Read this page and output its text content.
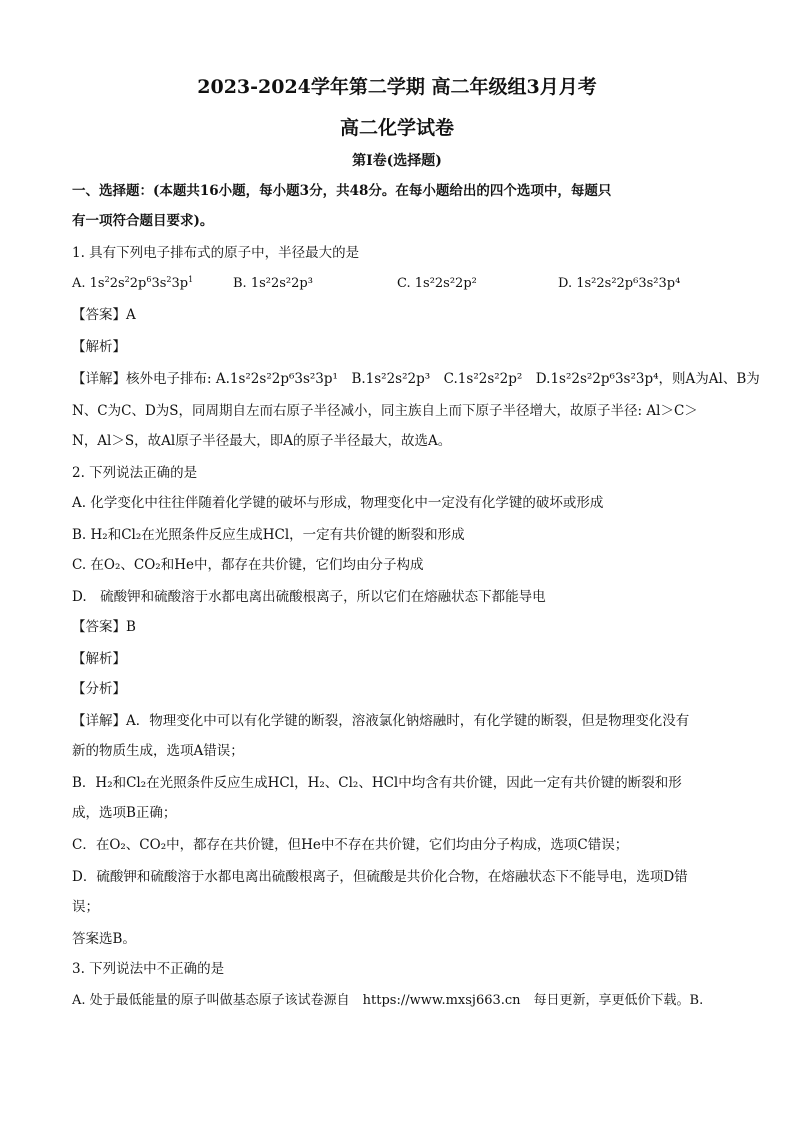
2023-2024学年第二学期 高二年级组3月月考
高二化学试卷
第Ⅰ卷(选择题)
一、选择题：(本题共16小题，每小题3分，共48分。在每小题给出的四个选项中，每题只
有一项符合题目要求)。
1. 具有下列电子排布式的原子中，半径最大的是
A. $1s^22s^22p^63s^23p^1$	B. 1s²2s²2p³	C. 1s²2s²2p²	D. 1s²2s²2p⁶3s²3p⁴
【答案】A
【解析】
【详解】核外电子排布: A.1s²2s²2p⁶3s²3p¹　B.1s²2s²2p³　C.1s²2s²2p²　D.1s²2s²2p⁶3s²3p⁴，则A为Al、B为
N、C为C、D为S，同周期自左而右原子半径减小，同主族自上而下原子半径增大，故原子半径: Al＞C＞
N，Al＞S，故Al原子半径最大，即A的原子半径最大，故选A。
2. 下列说法正确的是
A. 化学变化中往往伴随着化学键的破坏与形成，物理变化中一定没有化学键的破坏或形成
B. H₂和Cl₂在光照条件反应生成HCl，一定有共价键的断裂和形成
C. 在O₂、CO₂和He中，都存在共价键，它们均由分子构成
D.　硫酸钾和硫酸溶于水都电离出硫酸根离子，所以它们在熔融状态下都能导电
【答案】B
【解析】
【分析】
【详解】A．物理变化中可以有化学键的断裂，溶液氯化钠熔融时，有化学键的断裂，但是物理变化没有
新的物质生成，选项A错误；
B．H₂和Cl₂在光照条件反应生成HCl，H₂、Cl₂、HCl中均含有共价键，因此一定有共价键的断裂和形
成，选项B正确；
C．在O₂、CO₂中，都存在共价键，但He中不存在共价键，它们均由分子构成，选项C错误；
D．硫酸钾和硫酸溶于水都电离出硫酸根离子，但硫酸是共价化合物，在熔融状态下不能导电，选项D错
误；
答案选B。
3. 下列说法中不正确的是
A. 处于最低能量的原子叫做基态原子该试卷源自　https://www.mxsj663.cn　每日更新，享更低价下载。B.
